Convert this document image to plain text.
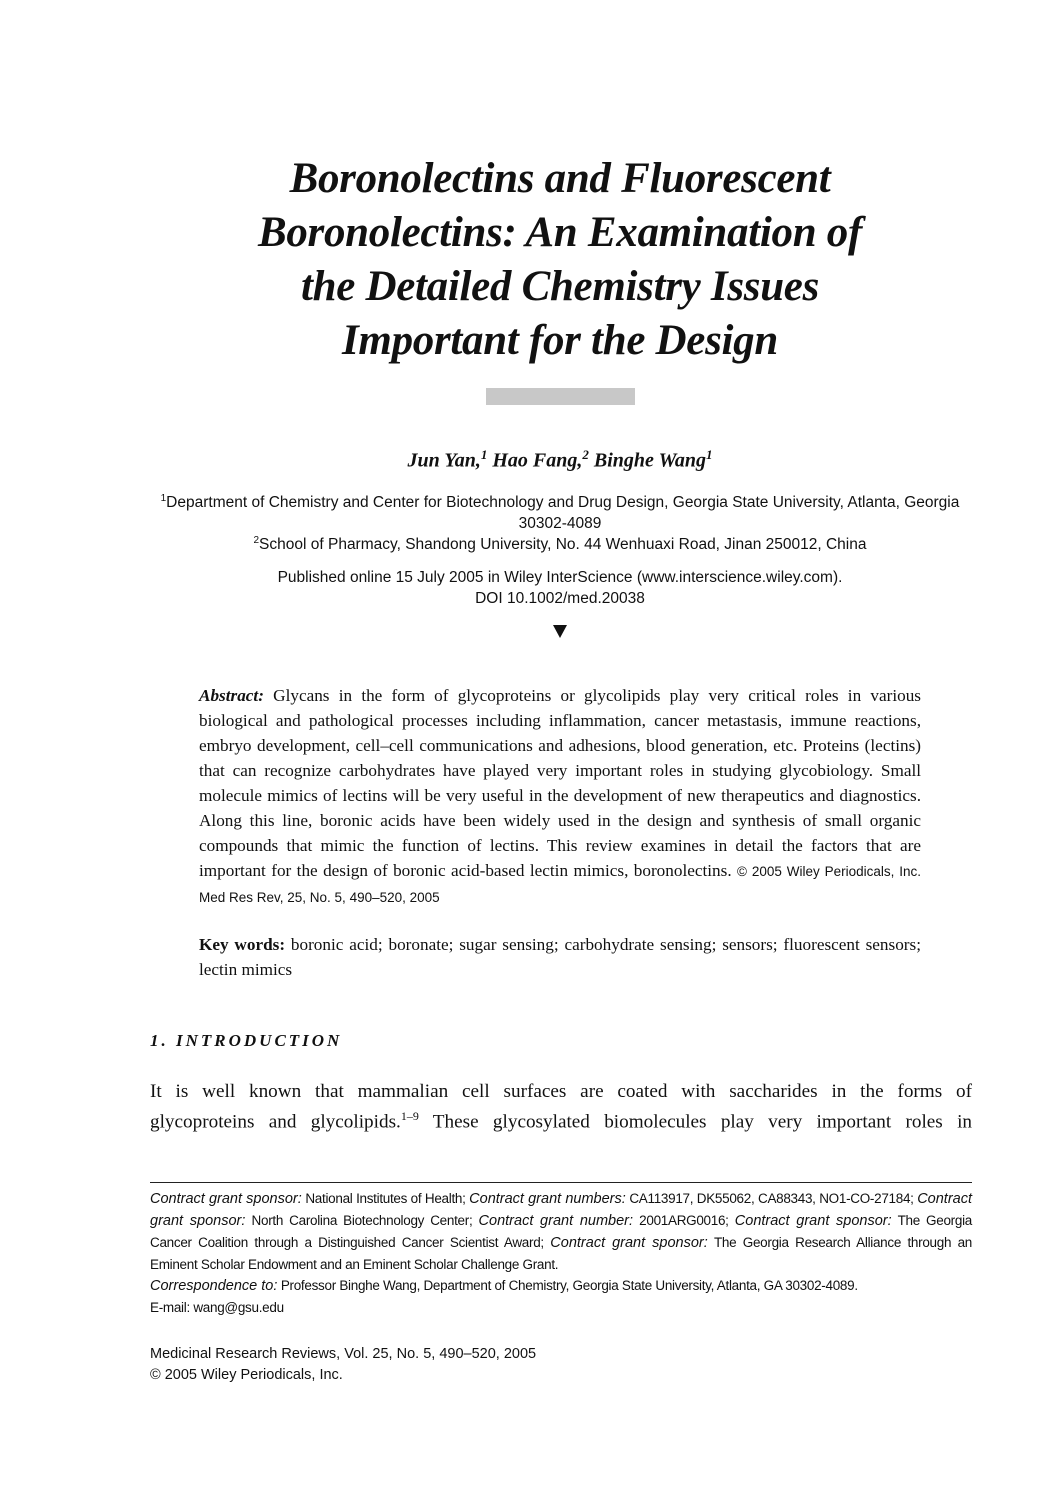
Boronolectins and Fluorescent
Boronolectins: An Examination of
the Detailed Chemistry Issues
Important for the Design
Jun Yan,$^1$ Hao Fang,$^2$ Binghe Wang$^1$
$^1$Department of Chemistry and Center for Biotechnology and Drug Design, Georgia State University, Atlanta, Georgia 30302-4089
$^2$School of Pharmacy, Shandong University, No. 44 Wenhuaxi Road, Jinan 250012, China
Published online 15 July 2005 in Wiley InterScience (www.interscience.wiley.com).
DOI 10.1002/med.20038
Abstract: Glycans in the form of glycoproteins or glycolipids play very critical roles in various biological and pathological processes including inflammation, cancer metastasis, immune reactions, embryo development, cell–cell communications and adhesions, blood generation, etc. Proteins (lectins) that can recognize carbohydrates have played very important roles in studying glycobiology. Small molecule mimics of lectins will be very useful in the development of new therapeutics and diagnostics. Along this line, boronic acids have been widely used in the design and synthesis of small organic compounds that mimic the function of lectins. This review examines in detail the factors that are important for the design of boronic acid-based lectin mimics, boronolectins. © 2005 Wiley Periodicals, Inc. Med Res Rev, 25, No. 5, 490–520, 2005
Key words: boronic acid; boronate; sugar sensing; carbohydrate sensing; sensors; fluorescent sensors; lectin mimics
1. INTRODUCTION
It is well known that mammalian cell surfaces are coated with saccharides in the forms of
glycoproteins and glycolipids.$^{1-9}$ These glycosylated biomolecules play very important roles in
Contract grant sponsor: National Institutes of Health; Contract grant numbers: CA113917, DK55062, CA88343, NO1-CO-27184; Contract grant sponsor: North Carolina Biotechnology Center; Contract grant number: 2001ARG0016; Contract grant sponsor: The Georgia Cancer Coalition through a Distinguished Cancer Scientist Award; Contract grant sponsor: The Georgia Research Alliance through an Eminent Scholar Endowment and an Eminent Scholar Challenge Grant.
Correspondence to: Professor Binghe Wang, Department of Chemistry, Georgia State University, Atlanta, GA 30302-4089.
E-mail: wang@gsu.edu
Medicinal Research Reviews, Vol. 25, No. 5, 490–520, 2005
© 2005 Wiley Periodicals, Inc.
